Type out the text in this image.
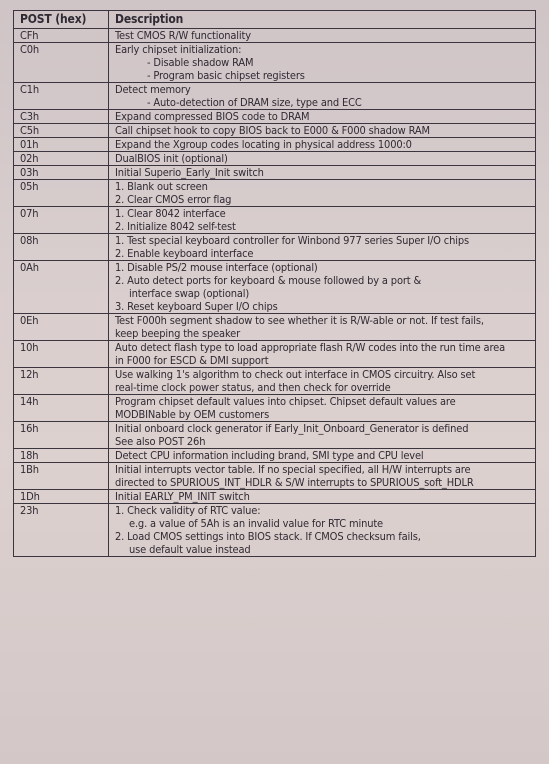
POST (hex)	Description
CFh	Test CMOS R/W functionality

C0h	Early chipset initialization:
- Disable shadow RAM
- Program basic chipset registers

C1h	Detect memory
- Auto-detection of DRAM size, type and ECC

C3h	Expand compressed BIOS code to DRAM

C5h	Call chipset hook to copy BIOS back to E000 & F000 shadow RAM

01h	Expand the Xgroup codes locating in physical address 1000:0

02h	DualBIOS init (optional)

03h	Initial Superio_Early_Init switch

05h	1. Blank out screen
2. Clear CMOS error flag

07h	1. Clear 8042 interface
2. Initialize 8042 self-test

08h	1. Test special keyboard controller for Winbond 977 series Super I/O chips
2. Enable keyboard interface

0Ah	1. Disable PS/2 mouse interface (optional)
2. Auto detect ports for keyboard & mouse followed by a port &
interface swap (optional)
3. Reset keyboard Super I/O chips

0Eh	Test F000h segment shadow to see whether it is R/W-able or not. If test fails,
keep beeping the speaker

10h	Auto detect flash type to load appropriate flash R/W codes into the run time area
in F000 for ESCD & DMI support

12h	Use walking 1's algorithm to check out interface in CMOS circuitry. Also set
real-time clock power status, and then check for override

14h	Program chipset default values into chipset. Chipset default values are
MODBINable by OEM customers

16h	Initial onboard clock generator if Early_Init_Onboard_Generator is defined
See also POST 26h

18h	Detect CPU information including brand, SMI type and CPU level

1Bh	Initial interrupts vector table. If no special specified, all H/W interrupts are
directed to SPURIOUS_INT_HDLR & S/W interrupts to SPURIOUS_soft_HDLR

1Dh	Initial EARLY_PM_INIT switch

23h	1. Check validity of RTC value:
e.g. a value of 5Ah is an invalid value for RTC minute
2. Load CMOS settings into BIOS stack. If CMOS checksum fails,
use default value instead
